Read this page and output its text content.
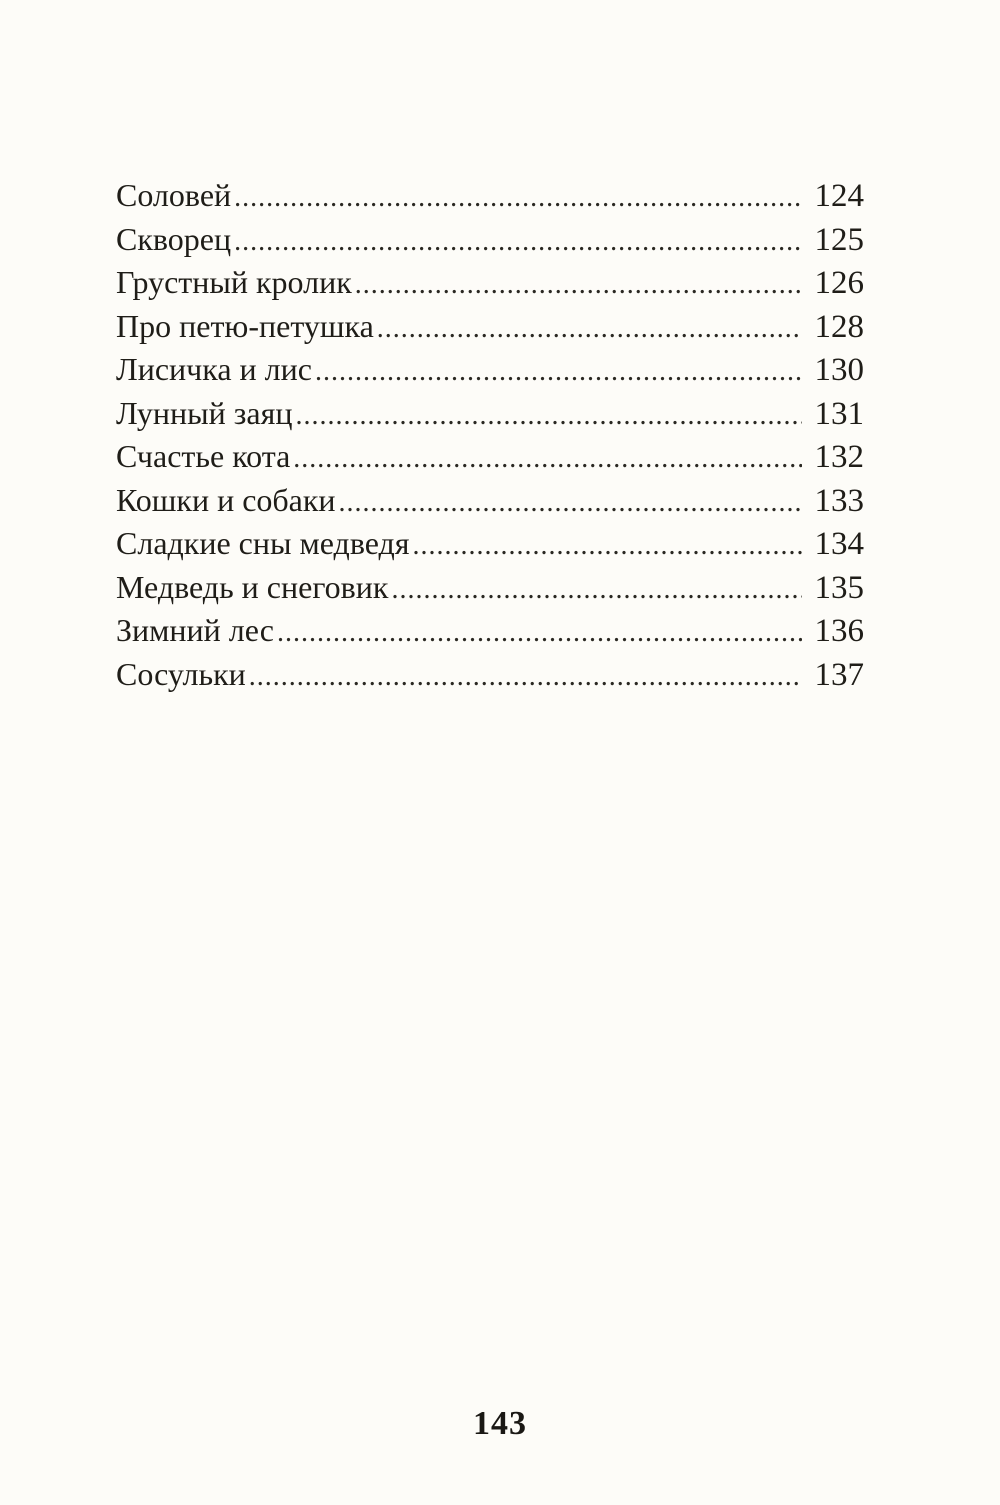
Соловей .....	124
Скворец .....	125
Грустный кролик .....	126
Про петю-петушка .....	128
Лисичка и лис .....	130
Лунный заяц .....	131
Счастье кота .....	132
Кошки и собаки .....	133
Сладкие сны медведя .....	134
Медведь и снеговик .....	135
Зимний лес .....	136
Сосульки .....	137
143
